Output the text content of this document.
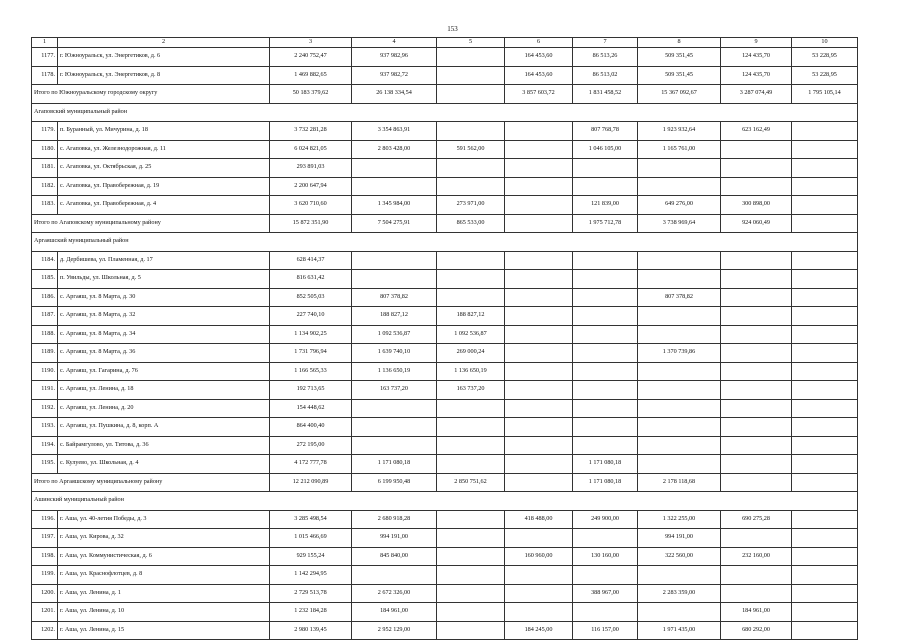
153
1	2	3	4	5	6	7	8	9	10
1177.	г. Южноуральск, ул. Энергетиков, д. 6	2 240 752,47	937 982,96		164 453,60	86 513,26	509 351,45	124 435,70	53 228,95
1178.	г. Южноуральск, ул. Энергетиков, д. 8	1 469 882,65	937 982,72		164 453,60	86 513,02	509 351,45	124 435,70	53 228,95
Итого по Южноуральскому городскому округу		50 183 379,62	26 138 334,54		3 857 603,72	1 831 458,52	15 367 092,67	3 287 074,49	1 795 105,14
Агаповский муниципальный район									
1179.	п. Буранный, ул. Мичурина, д. 18	3 732 281,28	3 354 863,91			807 768,78	1 923 932,64	623 162,49	
1180.	с. Агаповка, ул. Железнодорожная, д. 11	6 024 821,05	2 803 428,00	591 562,00		1 046 105,00	1 165 761,00		
1181.	с. Агаповка, ул. Октябрьская, д. 25	293 891,03							
1182.	с. Агаповка, ул. Правобережная, д. 19	2 200 647,94							
1183.	с. Агаповка, ул. Правобережная, д. 4	3 620 710,60	1 345 984,00	273 971,00		121 839,00	649 276,00	300 898,00	
Итого по Агаповскому муниципальному району		15 872 351,90	7 504 275,91	865 533,00		1 975 712,78	3 738 969,64	924 060,49	
Аргаяшский муниципальный район									
1184.	д. Дербишева, ул. Пламенная, д. 17	628 414,37							
1185.	п. Увильды, ул. Школьная, д. 5	816 631,42							
1186.	с. Аргаяш, ул. 8 Марта, д. 30	852 505,03	807 378,82				807 378,82		
1187.	с. Аргаяш, ул. 8 Марта, д. 32	227 740,10	188 827,12	188 827,12					
1188.	с. Аргаяш, ул. 8 Марта, д. 34	1 134 902,25	1 092 536,87	1 092 536,87					
1189.	с. Аргаяш, ул. 8 Марта, д. 36	1 731 796,94	1 639 740,10	269 000,24			1 370 739,86		
1190.	с. Аргаяш, ул. Гагарина, д. 76	1 166 565,33	1 136 650,19	1 136 650,19					
1191.	с. Аргаяш, ул. Ленина, д. 18	192 713,65	163 737,20	163 737,20					
1192.	с. Аргаяш, ул. Ленина, д. 20	154 448,62							
1193.	с. Аргаяш, ул. Пушкина, д. 8, корп. А	864 400,40							
1194.	с. Байрамгулово, ул. Титова, д. 36	272 195,00							
1195.	с. Кулуево, ул. Школьная, д. 4	4 172 777,78	1 171 080,18			1 171 080,18			
Итого по Аргаяшскому муниципальному району		12 212 090,89	6 199 950,48	2 850 751,62		1 171 080,18	2 178 118,68		
Ашинский муниципальный район									
1196.	г. Аша, ул. 40-летия Победы, д. 3	3 285 498,54	2 680 918,28		418 488,00	249 900,00	1 322 255,00	690 275,28	
1197.	г. Аша, ул. Кирова, д. 32	1 015 466,69	994 191,00				994 191,00		
1198.	г. Аша, ул. Коммунистическая, д. 6	929 155,24	845 840,00		160 960,00	130 160,00	322 560,00	232 160,00	
1199.	г. Аша, ул. Краснофлотцев, д. 8	1 142 294,95							
1200.	г. Аша, ул. Ленина, д. 1	2 729 513,78	2 672 326,00			388 967,00	2 283 359,00		
1201.	г. Аша, ул. Ленина, д. 10	1 232 184,28	184 961,00					184 961,00	
1202.	г. Аша, ул. Ленина, д. 15	2 980 139,45	2 952 129,00		184 245,00	116 157,00	1 971 435,00	680 292,00	
